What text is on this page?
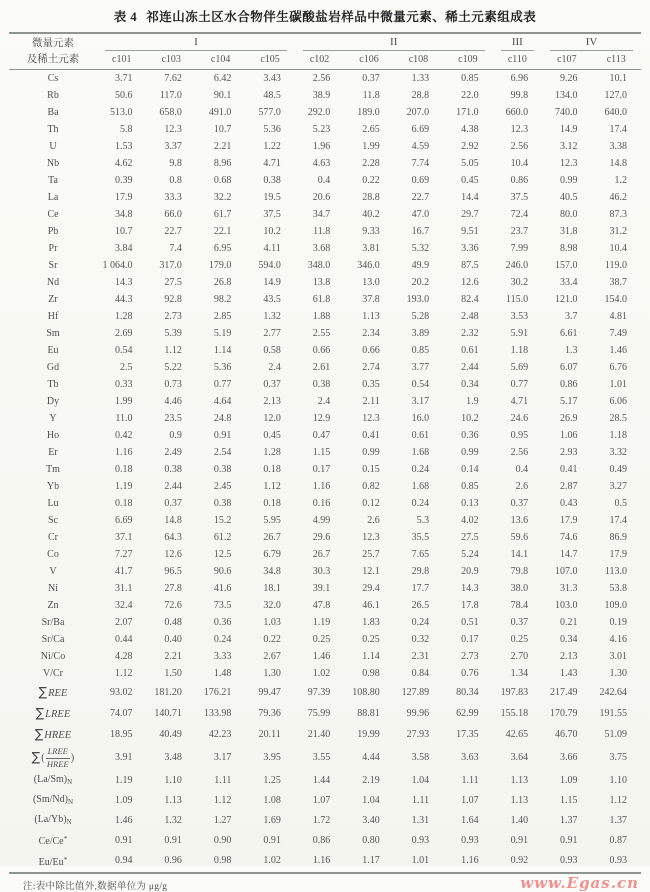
表 4 祁连山冻土区水合物伴生碳酸盐岩样品中微量元素、稀土元素组成表
微量元素
及稀土元素	I				II				III	IV	

	c101	c103	c104	c105	c102	c106	c108	c109	c110	c107	c113
Cs	3.71	7.62	6.42	3.43	2.56	0.37	1.33	0.85	6.96	9.26	10.1
Rb	50.6	117.0	90.1	48.5	38.9	11.8	28.8	22.0	99.8	134.0	127.0
Ba	513.0	658.0	491.0	577.0	292.0	189.0	207.0	171.0	660.0	740.0	640.0
Th	5.8	12.3	10.7	5.36	5.23	2.65	6.69	4.38	12.3	14.9	17.4
U	1.53	3.37	2.21	1.22	1.96	1.99	4.59	2.92	2.56	3.12	3.38
Nb	4.62	9.8	8.96	4.71	4.63	2.28	7.74	5.05	10.4	12.3	14.8
Ta	0.39	0.8	0.68	0.38	0.4	0.22	0.69	0.45	0.86	0.99	1.2
La	17.9	33.3	32.2	19.5	20.6	28.8	22.7	14.4	37.5	40.5	46.2
Ce	34.8	66.0	61.7	37.5	34.7	40.2	47.0	29.7	72.4	80.0	87.3
Pb	10.7	22.7	22.1	10.2	11.8	9.33	16.7	9.51	23.7	31.8	31.2
Pr	3.84	7.4	6.95	4.11	3.68	3.81	5.32	3.36	7.99	8.98	10.4
Sr	1 064.0	317.0	179.0	594.0	348.0	346.0	49.9	87.5	246.0	157.0	119.0
Nd	14.3	27.5	26.8	14.9	13.8	13.0	20.2	12.6	30.2	33.4	38.7
Zr	44.3	92.8	98.2	43.5	61.8	37.8	193.0	82.4	115.0	121.0	154.0
Hf	1.28	2.73	2.85	1.32	1.88	1.13	5.28	2.48	3.53	3.7	4.81
Sm	2.69	5.39	5.19	2.77	2.55	2.34	3.89	2.32	5.91	6.61	7.49
Eu	0.54	1.12	1.14	0.58	0.66	0.66	0.85	0.61	1.18	1.3	1.46
Gd	2.5	5.22	5.36	2.4	2.61	2.74	3.77	2.44	5.69	6.07	6.76
Tb	0.33	0.73	0.77	0.37	0.38	0.35	0.54	0.34	0.77	0.86	1.01
Dy	1.99	4.46	4.64	2.13	2.4	2.11	3.17	1.9	4.71	5.17	6.06
Y	11.0	23.5	24.8	12.0	12.9	12.3	16.0	10.2	24.6	26.9	28.5
Ho	0.42	0.9	0.91	0.45	0.47	0.41	0.61	0.36	0.95	1.06	1.18
Er	1.16	2.49	2.54	1.28	1.15	0.99	1.68	0.99	2.56	2.93	3.32
Tm	0.18	0.38	0.38	0.18	0.17	0.15	0.24	0.14	0.4	0.41	0.49
Yb	1.19	2.44	2.45	1.12	1.16	0.82	1.68	0.85	2.6	2.87	3.27
Lu	0.18	0.37	0.38	0.18	0.16	0.12	0.24	0.13	0.37	0.43	0.5
Sc	6.69	14.8	15.2	5.95	4.99	2.6	5.3	4.02	13.6	17.9	17.4
Cr	37.1	64.3	61.2	26.7	29.6	12.3	35.5	27.5	59.6	74.6	86.9
Co	7.27	12.6	12.5	6.79	26.7	25.7	7.65	5.24	14.1	14.7	17.9
V	41.7	96.5	90.6	34.8	30.3	12.1	29.8	20.9	79.8	107.0	113.0
Ni	31.1	27.8	41.6	18.1	39.1	29.4	17.7	14.3	38.0	31.3	53.8
Zn	32.4	72.6	73.5	32.0	47.8	46.1	26.5	17.8	78.4	103.0	109.0
Sr/Ba	2.07	0.48	0.36	1.03	1.19	1.83	0.24	0.51	0.37	0.21	0.19
Sr/Ca	0.44	0.40	0.24	0.22	0.25	0.25	0.32	0.17	0.25	0.34	4.16
Ni/Co	4.28	2.21	3.33	2.67	1.46	1.14	2.31	2.73	2.70	2.13	3.01
V/Cr	1.12	1.50	1.48	1.30	1.02	0.98	0.84	0.76	1.34	1.43	1.30
∑REE	93.02	181.20	176.21	99.47	97.39	108.80	127.89	80.34	197.83	217.49	242.64
∑LREE	74.07	140.71	133.98	79.36	75.99	88.81	99.96	62.99	155.18	170.79	191.55
∑HREE	18.95	40.49	42.23	20.11	21.40	19.99	27.93	17.35	42.65	46.70	51.09
∑( $\frac{\text{LREE}}{\text{HREE}}$ )	3.91	3.48	3.17	3.95	3.55	4.44	3.58	3.63	3.64	3.66	3.75
$(La/Sm)_N$	1.19	1.10	1.11	1.25	1.44	2.19	1.04	1.11	1.13	1.09	1.10
$(Sm/Nd)_N$	1.09	1.13	1.12	1.08	1.07	1.04	1.11	1.07	1.13	1.15	1.12
$(La/Yb)_N$	1.46	1.32	1.27	1.69	1.72	3.40	1.31	1.64	1.40	1.37	1.37
Ce/Ce*	0.91	0.91	0.90	0.91	0.86	0.80	0.93	0.93	0.91	0.91	0.87
Eu/Eu*	0.94	0.96	0.98	1.02	1.16	1.17	1.01	1.16	0.92	0.93	0.93
注:表中除比值外,数据单位为 μg/g	www.Egas.cn
